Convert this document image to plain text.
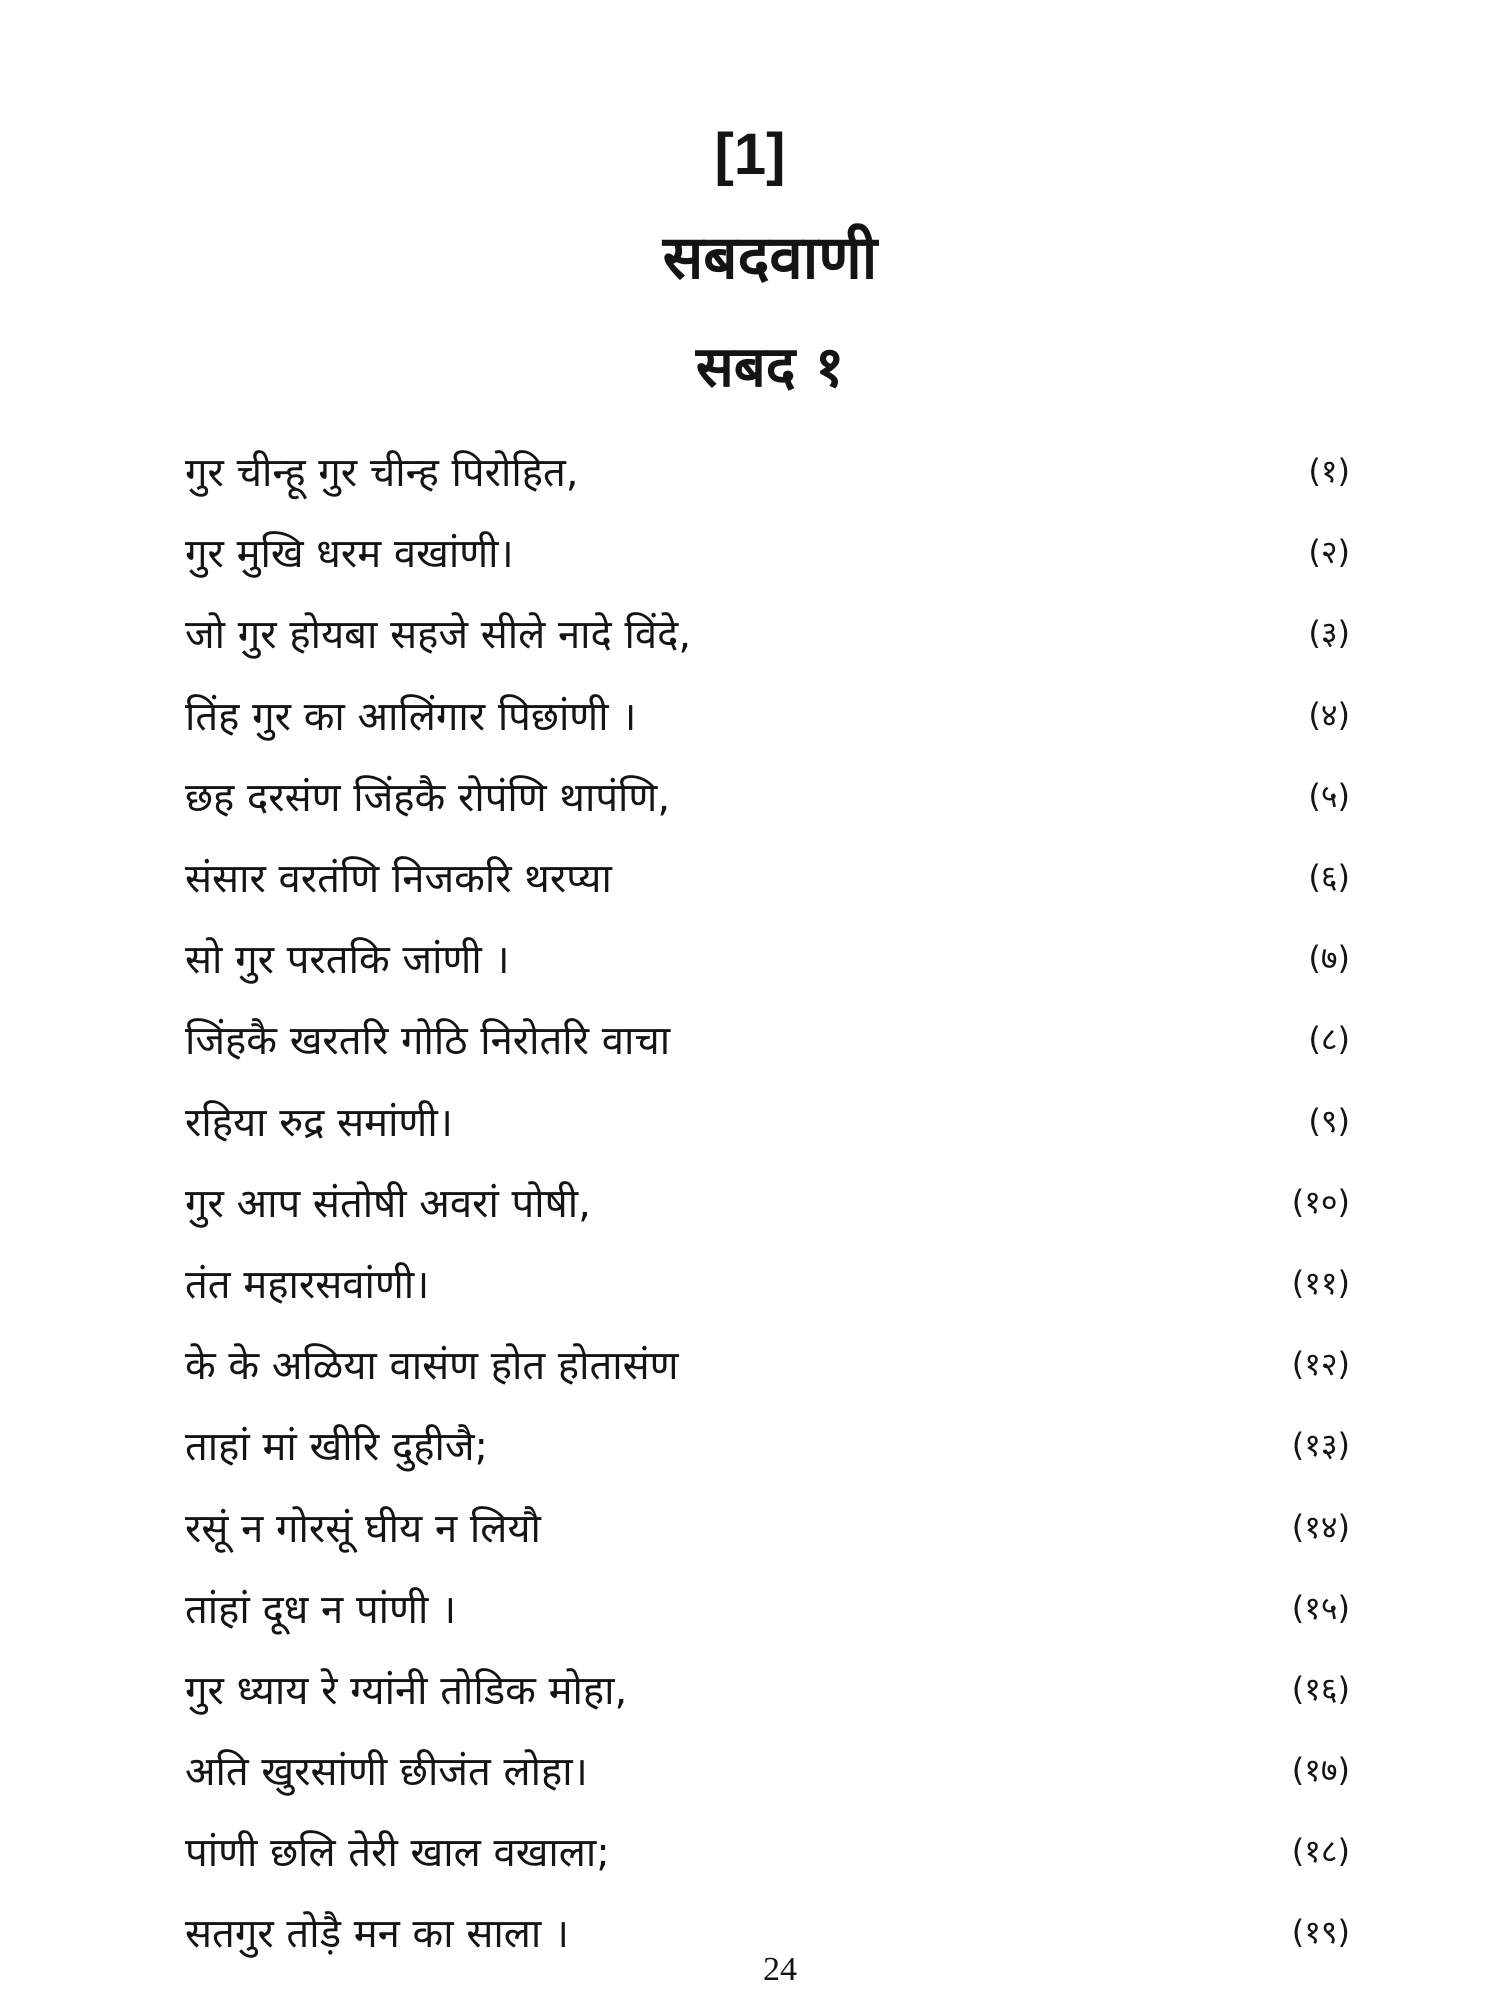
[1]
सबदवाणी
सबद १
गुर चीन्हू गुर चीन्ह पिरोहित,	(१)
गुर मुखि धरम वखांणी।	(२)
जो गुर होयबा सहजे सीले नादे विंदे,	(३)
तिंह गुर का आलिंगार पिछांणी ।	(४)
छह दरसंण जिंहकै रोपंणि थापंणि,	(५)
संसार वरतंणि निजकरि थरप्या	(६)
सो गुर परतकि जांणी ।	(७)
जिंहकै खरतरि गोठि निरोतरि वाचा	(८)
रहिया रुद्र समांणी।	(९)
गुर आप संतोषी अवरां पोषी,	(१०)
तंत महारसवांणी।	(११)
के के अळिया वासंण होत होतासंण	(१२)
ताहां मां खीरि दुहीजै;	(१३)
रसूं न गोरसूं घीय न लियौ	(१४)
तांहां दूध न पांणी ।	(१५)
गुर ध्याय रे ग्यांनी तोडिक मोहा,	(१६)
अति खुरसांणी छीजंत लोहा।	(१७)
पांणी छलि तेरी खाल वखाला;	(१८)
सतगुर तोड़ै मन का साला ।	(१९)
24
